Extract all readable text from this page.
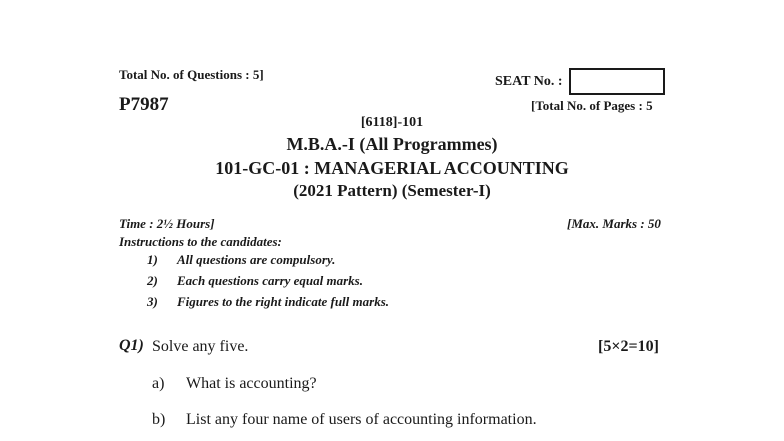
Total No. of Questions : 5]	SEAT No. :
P7987	[Total No. of Pages : 5
[6118]-101
M.B.A.-I (All Programmes)
101-GC-01 : MANAGERIAL ACCOUNTING
(2021 Pattern) (Semester-I)
Time : 2½ Hours]	[Max. Marks : 50
Instructions to the candidates:
1) All questions are compulsory.
2) Each questions carry equal marks.
3) Figures to the right indicate full marks.
Q1) Solve any five.	[5×2=10]
a) What is accounting?
b) List any four name of users of accounting information.
